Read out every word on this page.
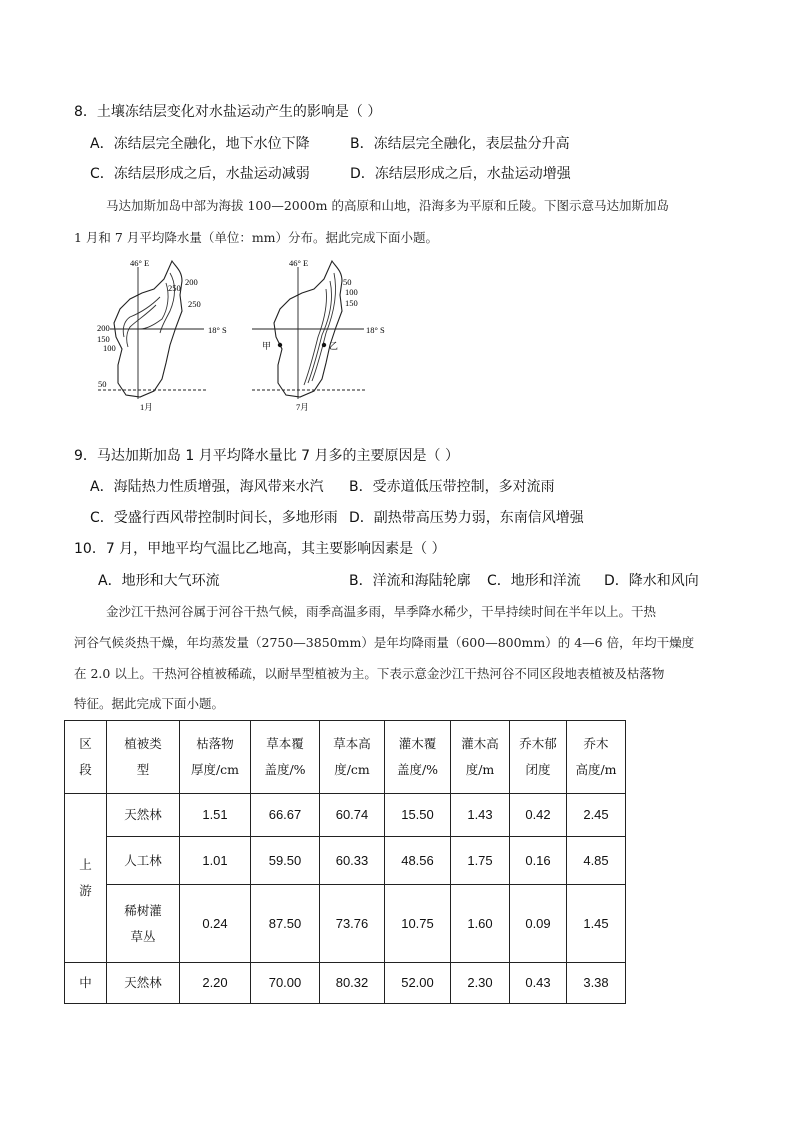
8．土壤冻结层变化对水盐运动产生的影响是（ ）
A．冻结层完全融化，地下水位下降	B．冻结层完全融化，表层盐分升高
C．冻结层形成之后，水盐运动减弱	D．冻结层形成之后，水盐运动增强
马达加斯加岛中部为海拔 100—2000m 的高原和山地，沿海多为平原和丘陵。下图示意马达加斯加岛
1 月和 7 月平均降水量（单位：mm）分布。据此完成下面小题。
46° E
18° S
200
250
250
200
150
100
50
1月
46° E
18° S
50
100
150
甲	乙
7月
9．马达加斯加岛 1 月平均降水量比 7 月多的主要原因是（ ）
A．海陆热力性质增强，海风带来水汽 B．受赤道低压带控制，多对流雨
C．受盛行西风带控制时间长，多地形雨 D．副热带高压势力弱，东南信风增强
10．7 月，甲地平均气温比乙地高，其主要影响因素是（ ）
A．地形和大气环流	B．洋流和海陆轮廓 C．地形和洋流 D．降水和风向
金沙江干热河谷属于河谷干热气候，雨季高温多雨，旱季降水稀少，干旱持续时间在半年以上。干热
河谷气候炎热干燥，年均蒸发量（2750—3850mm）是年均降雨量（600—800mm）的 4—6 倍，年均干燥度
在 2.0 以上。干热河谷植被稀疏，以耐旱型植被为主。下表示意金沙江干热河谷不同区段地表植被及枯落物
特征。据此完成下面小题。
区
段	植被类
型	枯落物
厚度/cm	草本覆
盖度/%	草本高
度/cm	灌木覆
盖度/%	灌木高
度/m	乔木郁
闭度	乔木
高度/m
上
游	天然林	1.51	66.67	60.74	15.50	1.43	0.42	2.45
	人工林	1.01	59.50	60.33	48.56	1.75	0.16	4.85
	稀树灌
草丛	0.24	87.50	73.76	10.75	1.60	0.09	1.45
中	天然林	2.20	70.00	80.32	52.00	2.30	0.43	3.38
